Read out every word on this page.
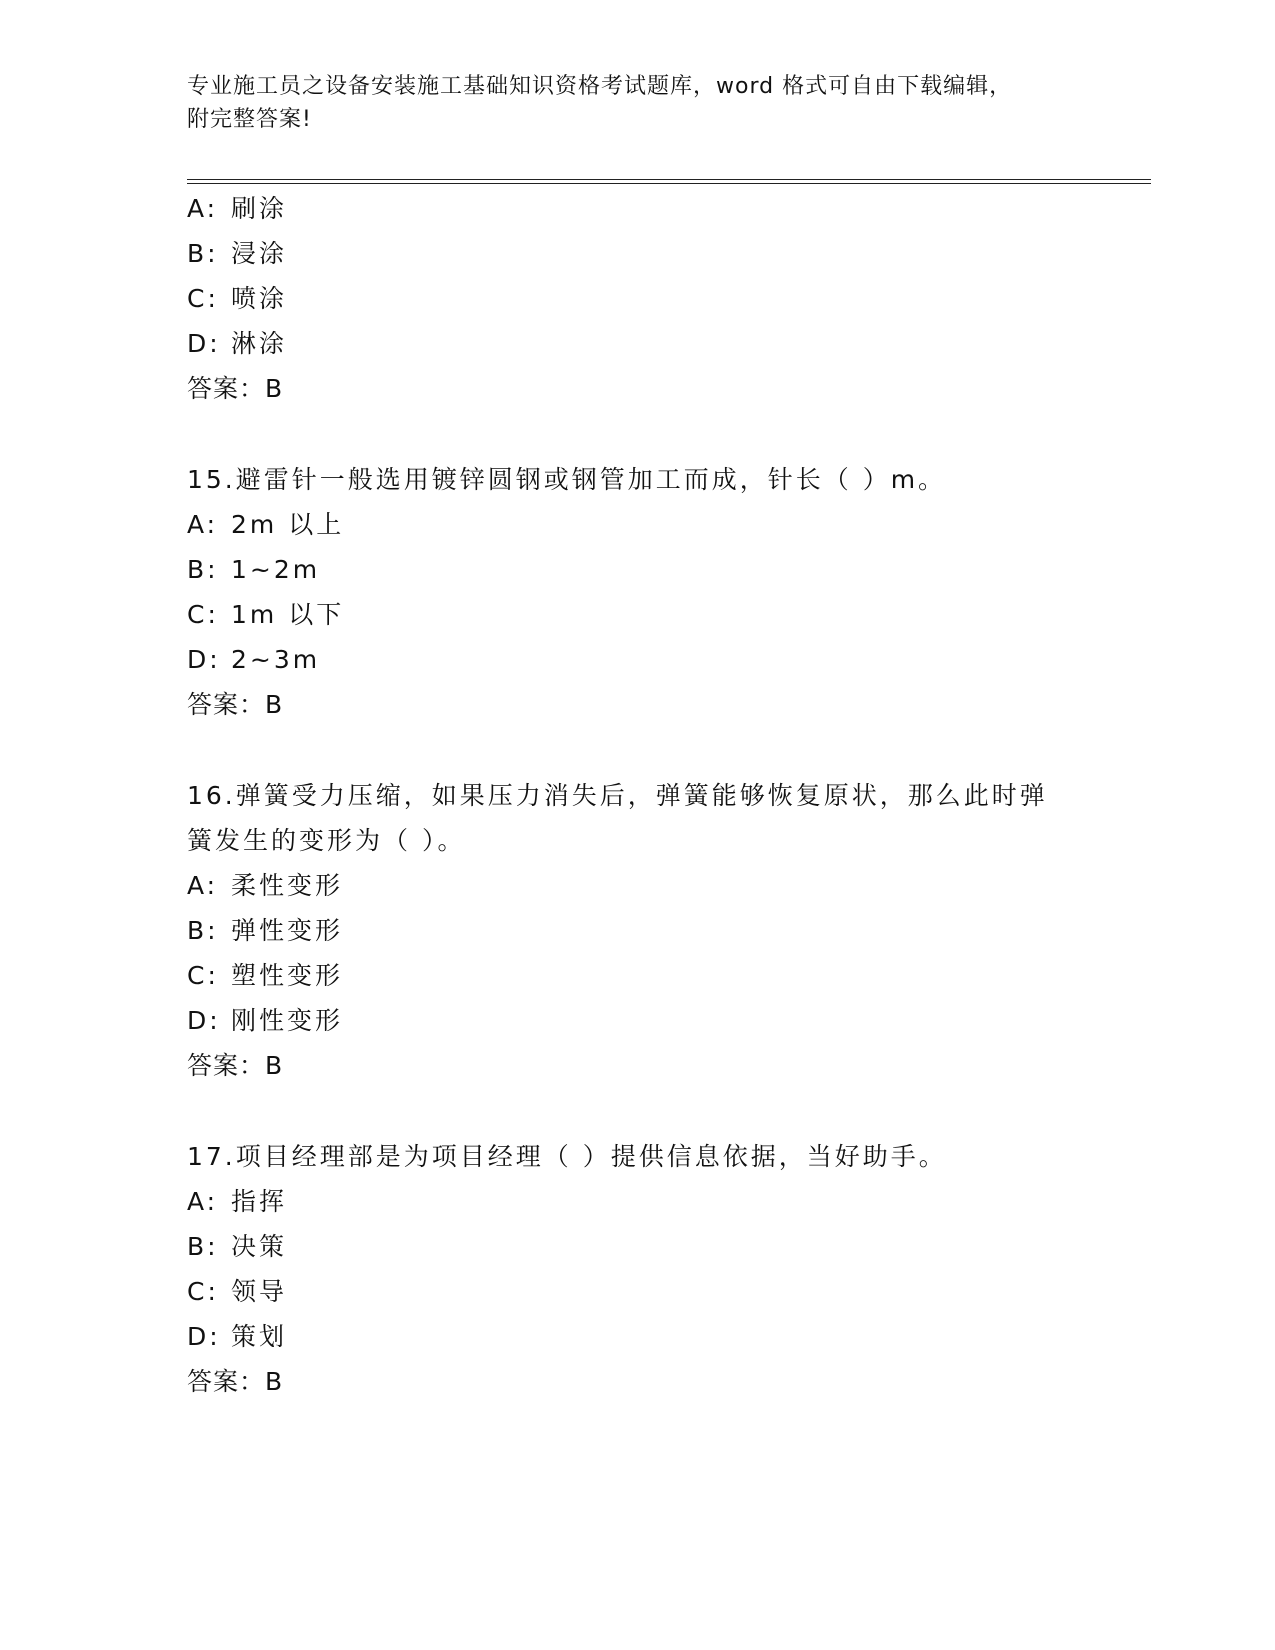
专业施工员之设备安装施工基础知识资格考试题库，word 格式可自由下载编辑，
附完整答案!
A: 刷涂
B: 浸涂
C: 喷涂
D: 淋涂
答案：B
15.避雷针一般选用镀锌圆钢或钢管加工而成，针长（ ）m。
A: 2m 以上
B: 1~2m
C: 1m 以下
D: 2~3m
答案：B
16.弹簧受力压缩，如果压力消失后，弹簧能够恢复原状，那么此时弹
簧发生的变形为（ ）。
A: 柔性变形
B: 弹性变形
C: 塑性变形
D: 刚性变形
答案：B
17.项目经理部是为项目经理（ ）提供信息依据，当好助手。
A: 指挥
B: 决策
C: 领导
D: 策划
答案：B
